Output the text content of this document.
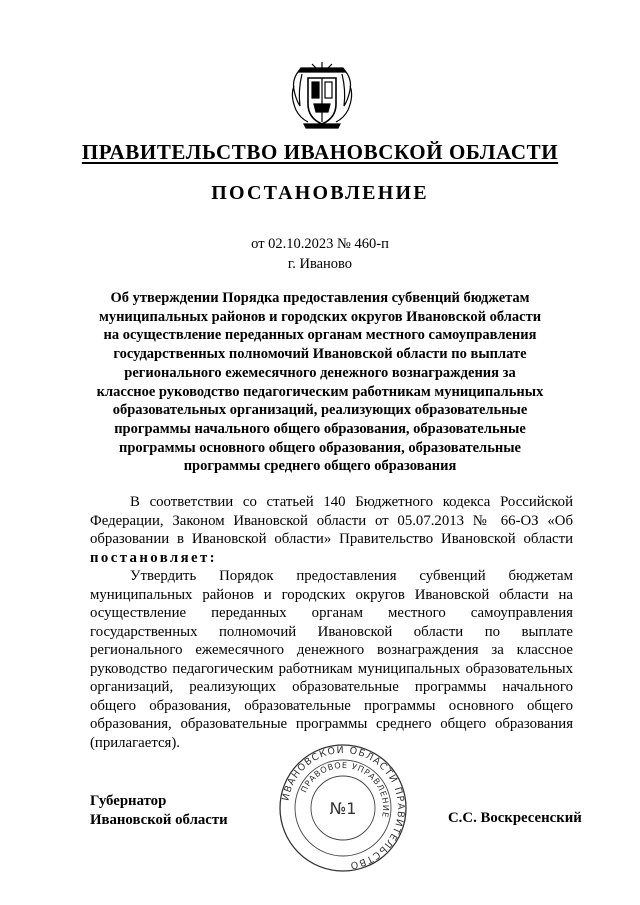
ПРАВИТЕЛЬСТВО ИВАНОВСКОЙ ОБЛАСТИ
ПОСТАНОВЛЕНИЕ
от 02.10.2023 № 460-п
г. Иваново
Об утверждении Порядка предоставления субвенций бюджетам муниципальных районов и городских округов Ивановской области на осуществление переданных органам местного самоуправления государственных полномочий Ивановской области по выплате регионального ежемесячного денежного вознаграждения за классное руководство педагогическим работникам муниципальных образовательных организаций, реализующих образовательные программы начального общего образования, образовательные программы основного общего образования, образовательные программы среднего общего образования

В соответствии со статьей 140 Бюджетного кодекса Российской Федерации, Законом Ивановской области от 05.07.2013 № 66-ОЗ «Об образовании в Ивановской области» Правительство Ивановской области постановляет:

Утвердить Порядок предоставления субвенций бюджетам муниципальных районов и городских округов Ивановской области на осуществление переданных органам местного самоуправления государственных полномочий Ивановской области по выплате регионального ежемесячного денежного вознаграждения за классное руководство педагогическим работникам муниципальных образовательных организаций, реализующих образовательные программы начального общего образования, образовательные программы основного общего образования, образовательные программы среднего общего образования (прилагается).

Губернатор
Ивановской области	С.С. Воскресенский
ИВАНОВСКОЙ ОБЛАСТИ ПРАВИТЕЛЬСТВО
ПРАВОВОЕ УПРАВЛЕНИЕ
№1
